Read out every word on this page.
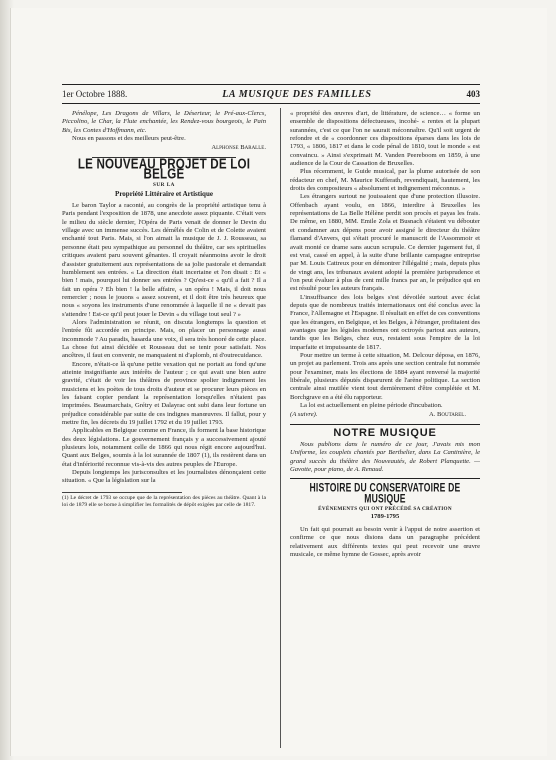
1er Octobre 1888.	LA MUSIQUE DES FAMILLES	403

Pénélope, Les Dragons de Villars, le Déserteur, le Pré-aux-Clercs, Piccolino, le Char, la Flute enchantée, les Rendez-vous bourgeois, le Pain Bis, les Contes d'Hoffmann, etc.

Nous en passons et des meilleurs peut-être.

Alphonse Baralle.
LE NOUVEAU PROJET DE LOI BELGE
SUR LA
Propriété Littéraire et Artistique

Le baron Taylor a raconté, au congrès de la propriété artistique tenu à Paris pendant l'exposition de 1878, une anecdote assez piquante. C'était vers le milieu du siècle dernier, l'Opéra de Paris venait de donner le Devin du village avec un immense succès. Les démêlés de Colin et de Colette avaient enchanté tout Paris. Mais, si l'on aimait la musique de J. J. Rousseau, sa personne était peu sympathique au personnel du théâtre, car ses spirituelles critiques avaient paru souvent gênantes. Il croyait néanmoins avoir le droit d'assister gratuitement aux représentations de sa jolie pastorale et demandait humblement ses entrées. « La direction était incertaine et l'on disait : Et « bien ! mais, pourquoi lui donner ses entrées ? Qu'est-ce « qu'il a fait ? Il a fait un opéra ? Eh bien ! la belle affaire, « un opéra ! Mais, il doit nous remercier ; nous le jouons « assez souvent, et il doit être très heureux que nous « soyons les instruments d'une renommée à laquelle il ne « devait pas s'attendre ! Est-ce qu'il peut jouer le Devin « du village tout seul ? »

Alors l'administration se réunit, on discuta longtemps la question et l'entrée fût accordée en principe. Mais, on placer un personnage aussi incommode ? Au paradis, hasarda une voix, il sera très honoré de cette place. La chose fut ainsi décidée et Rousseau dut se tenir pour satisfait. Nos ancêtres, il faut en convenir, ne manquaient ni d'aplomb, ni d'outrecuidance.

Encore, n'était-ce là qu'une petite vexation qui ne portait au fond qu'une atteinte insignifiante aux intérêts de l'auteur ; ce qui avait une bien autre gravité, c'était de voir les théâtres de province spolier indignement les musiciens et les poètes de tous droits d'auteur et se procurer leurs pièces en les faisant copier pendant la représentation lorsqu'elles n'étaient pas imprimées. Beaumarchais, Grétry et Dalayrac ont subi dans leur fortune un préjudice considérable par suite de ces indignes manœuvres. Il fallut, pour y mettre fin, les décrets du 19 juillet 1792 et du 19 juillet 1793.

Applicables en Belgique comme en France, ils forment la base historique des deux législations. Le gouvernement français y a successivement ajouté plusieurs lois, notamment celle de 1866 qui nous régit encore aujourd'hui. Quant aux Belges, soumis à la loi surannée de 1807 (1), ils restèrent dans un état d'infériorité reconnue vis-à-vis des autres peuples de l'Europe.

Depuis longtemps les jurisconsultes et les journalistes dénonçaient cette situation. « Que la législation sur la

(1) Le décret de 1793 se occupe que de la représentation des pièces au théâtre. Quant à la loi de 1879 elle se borne à simplifier les formalités de dépôt exigées par celle de 1817.

« propriété des œuvres d'art, de littérature, de science… « forme un ensemble de dispositions défectueuses, incohé- « rentes et la plupart surannées, c'est ce que l'on ne saurait méconnaître. Qu'il soit urgent de refondre et de « coordonner ces dispositions éparses dans les lois de 1793, « 1806, 1817 et dans le code pénal de 1810, tout le monde « est convaincu. » Ainsi s'exprimait M. Vanden Peereboom en 1859, à une audience de la Cour de Cassation de Bruxelles.

Plus récemment, le Guide musical, par la plume autorisée de son rédacteur en chef, M. Maurice Kufferath, revendiquait, hautement, les droits des compositeurs « absolument et indignement méconnus. »

Les étrangers surtout ne jouissaient que d'une protection illusoire. Offenbach ayant voulu, en 1866, interdire à Bruxelles les représentations de La Belle Hélène perdit son procès et payas les frais. De même, en 1880, MM. Emile Zola et Busnach s'étaient vu débouter et condamner aux dépens pour avoir assigné le directeur du théâtre flamand d'Anvers, qui s'était procuré le manuscrit de l'Assommoir et avait monté ce drame sans aucun scrupule. Ce dernier jugement fut, il est vrai, cassé en appel, à la suite d'une brillante campagne entreprise par M. Louis Cattreux pour en démontrer l'illégalité ; mais, depuis plus de vingt ans, les tribunaux avaient adopté la première jurisprudence et l'on peut évaluer à plus de cent mille francs par an, le préjudice qui en est résulté pour les auteurs français.

L'insuffisance des lois belges s'est dévoilée surtout avec éclat depuis que de nombreux traités internationaux ont été conclus avec la France, l'Allemagne et l'Espagne. Il résultait en effet de ces conventions que les étrangers, en Belgique, et les Belges, à l'étranger, profitaient des avantages que les législes modernes ont octroyés partout aux auteurs, tandis que les Belges, chez eux, restaient sous l'empire de la loi imparfaite et impuissante de 1817.

Pour mettre un terme à cette situation, M. Delcour déposa, en 1876, un projet au parlement. Trois ans après une section centrale fut nommée pour l'examiner, mais les élections de 1884 ayant renversé la majorité libérale, plusieurs députés disparurent de l'arène politique. La section centrale ainsi mutilée vient tout dernièrement d'être complétée et M. Borchgrave en a été élu rapporteur.

La loi est actuellement en pleine période d'incubation.

(A suivre).	A. Boutarel.
NOTRE MUSIQUE

Nous publions dans le numéro de ce jour, J'avais mis mon Uniforme, les couplets chantés par Berthelier, dans La Cantinière, le grand succès du théâtre des Nouveautés, de Robert Planquette. — Gavotte, pour piano, de A. Renaud.

HISTOIRE DU CONSERVATOIRE DE MUSIQUE
ÉVÉNEMENTS QUI ONT PRÉCÉDÉ SA CRÉATION
1789-1795

Un fait qui pourrait au besoin venir à l'appui de notre assertion et confirme ce que nous disions dans un paragraphe précédent relativement aux différents textes qui peut recevoir une œuvre musicale, ce même hymne de Gossec, après avoir
